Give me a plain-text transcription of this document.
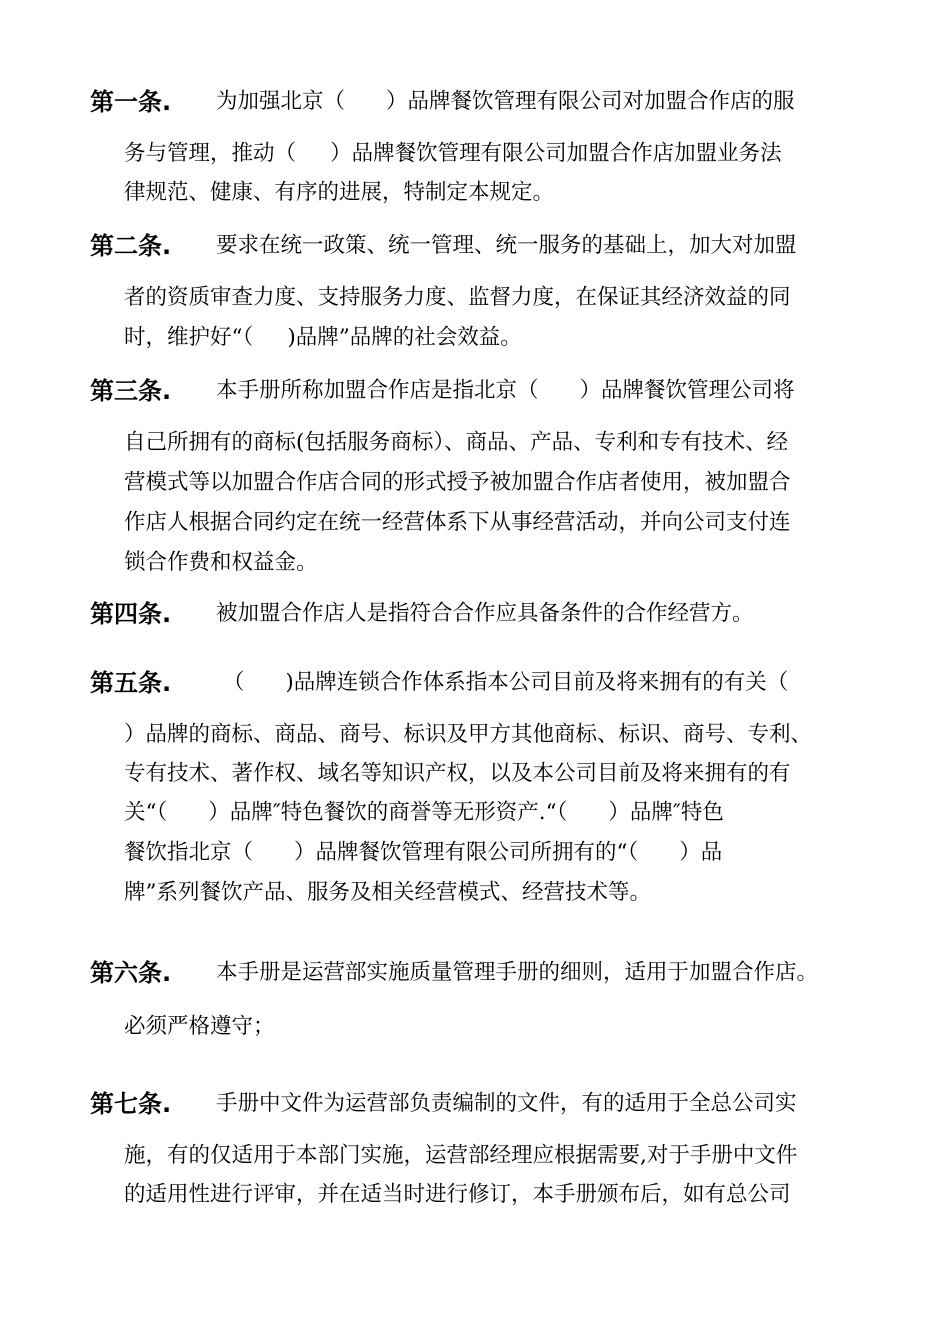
第一条. 为加强北京（      ）品牌餐饮管理有限公司对加盟合作店的服
务与管理，推动（     ）品牌餐饮管理有限公司加盟合作店加盟业务法
律规范、健康、有序的进展，特制定本规定。
第二条. 要求在统一政策、统一管理、统一服务的基础上，加大对加盟
者的资质审查力度、支持服务力度、监督力度，在保证其经济效益的同
时，维护好“（     )品牌”品牌的社会效益。
第三条. 本手册所称加盟合作店是指北京（      ）品牌餐饮管理公司将
自己所拥有的商标(包括服务商标）、商品、产品、专利和专有技术、经
营模式等以加盟合作店合同的形式授予被加盟合作店者使用，被加盟合
作店人根据合同约定在统一经营体系下从事经营活动，并向公司支付连
锁合作费和权益金。
第四条. 被加盟合作店人是指符合合作应具备条件的合作经营方。
第五条. （      )品牌连锁合作体系指本公司目前及将来拥有的有关（
）品牌的商标、商品、商号、标识及甲方其他商标、标识、商号、专利、
专有技术、著作权、域名等知识产权，以及本公司目前及将来拥有的有
关“（      ）品牌″特色餐饮的商誉等无形资产.“（      ）品牌″特色
餐饮指北京（      ）品牌餐饮管理有限公司所拥有的“（      ）品
牌”系列餐饮产品、服务及相关经营模式、经营技术等。
第六条. 本手册是运营部实施质量管理手册的细则，适用于加盟合作店。
必须严格遵守；
第七条. 手册中文件为运营部负责编制的文件，有的适用于全总公司实
施，有的仅适用于本部门实施，运营部经理应根据需要,对于手册中文件
的适用性进行评审，并在适当时进行修订，本手册颁布后，如有总公司
